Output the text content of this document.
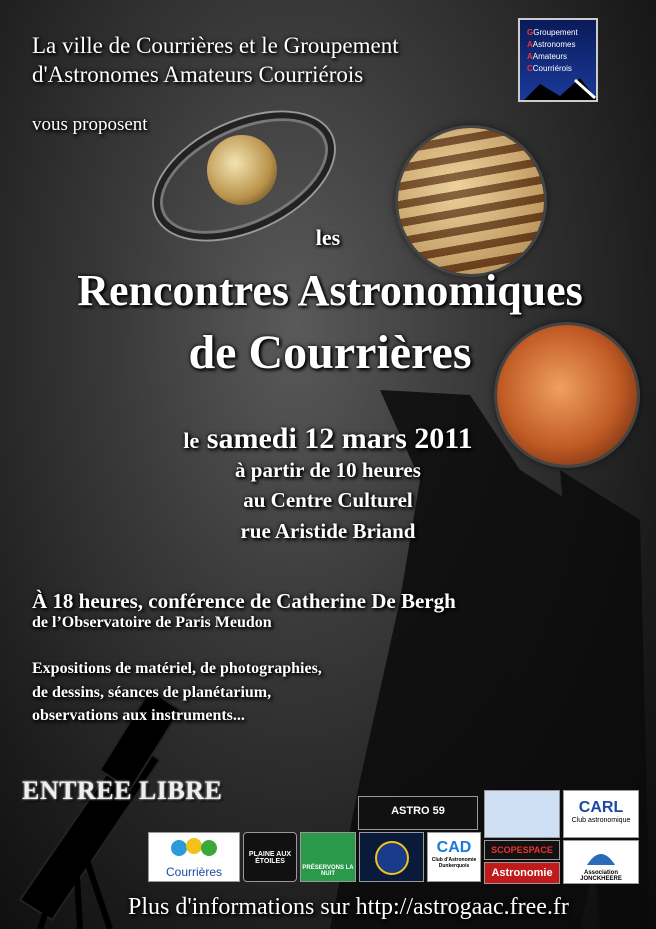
GGroupement
AAstronomes
AAmateurs
CCourriérois
La ville de Courrières et le Groupement
d'Astronomes Amateurs Courriérois
vous proposent
les
Rencontres Astronomiques
de Courrières
le samedi 12 mars 2011
à partir de 10 heures
au Centre Culturel
rue Aristide Briand
À 18 heures, conférence de Catherine De Bergh
de l’Observatoire de Paris Meudon
Expositions de matériel, de photographies,
de dessins, séances de planétarium,
observations aux instruments...
ENTREE LIBRE
ASTRO 59	CARL
Club astronomique
Courrières
PLAINE AUX ÉTOILES
PRÉSERVONS LA NUIT
CAD
Club d'Astronomie Dunkerquois
SCOPESPACE
Astronomie	Association JONCKHEERE
Plus d'informations sur http://astrogaac.free.fr
